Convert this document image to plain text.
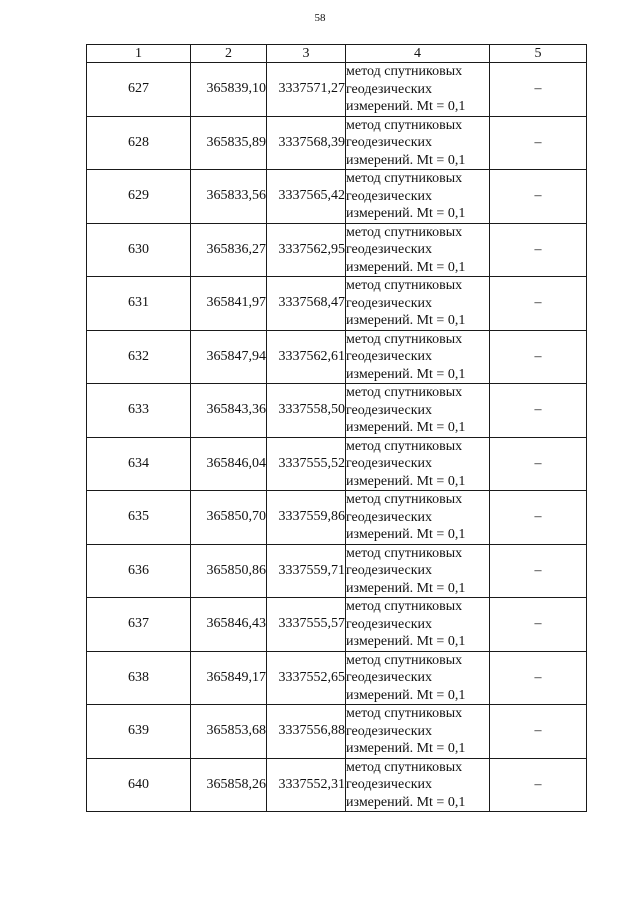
58
1	2	3	4	5
627	365839,10	3337571,27	метод спутниковых
геодезических
измерений. Mt = 0,1	–
628	365835,89	3337568,39	метод спутниковых
геодезических
измерений. Mt = 0,1	–
629	365833,56	3337565,42	метод спутниковых
геодезических
измерений. Mt = 0,1	–
630	365836,27	3337562,95	метод спутниковых
геодезических
измерений. Mt = 0,1	–
631	365841,97	3337568,47	метод спутниковых
геодезических
измерений. Mt = 0,1	–
632	365847,94	3337562,61	метод спутниковых
геодезических
измерений. Mt = 0,1	–
633	365843,36	3337558,50	метод спутниковых
геодезических
измерений. Mt = 0,1	–
634	365846,04	3337555,52	метод спутниковых
геодезических
измерений. Mt = 0,1	–
635	365850,70	3337559,86	метод спутниковых
геодезических
измерений. Mt = 0,1	–
636	365850,86	3337559,71	метод спутниковых
геодезических
измерений. Mt = 0,1	–
637	365846,43	3337555,57	метод спутниковых
геодезических
измерений. Mt = 0,1	–
638	365849,17	3337552,65	метод спутниковых
геодезических
измерений. Mt = 0,1	–
639	365853,68	3337556,88	метод спутниковых
геодезических
измерений. Mt = 0,1	–
640	365858,26	3337552,31	метод спутниковых
геодезических
измерений. Mt = 0,1	–
